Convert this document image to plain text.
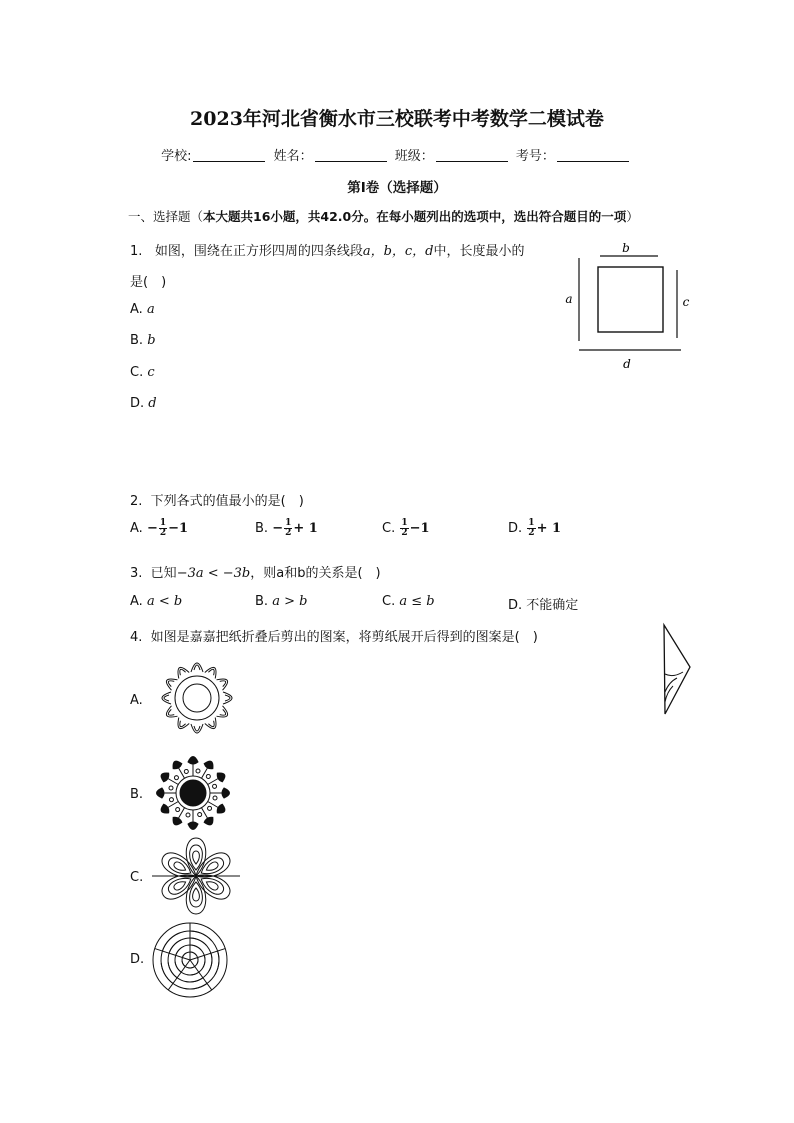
2023年河北省衡水市三校联考中考数学二模试卷
学校:	姓名：	班级：	考号：
第I卷（选择题）
一、选择题（本大题共16小题，共42.0分。在每小题列出的选项中，选出符合题目的一项）
1. 如图，围绕在正方形四周的四条线段a，b，c，d中，长度最小的
是(　)
A. a
B. b
C. c
D. d
b
a	c
d
2. 下列各式的值最小的是(　)
A. − $\frac{1}{2} -1$	B. − $\frac{1}{2} + 1$	C. $\frac{1}{2} -1$	D. $\frac{1}{2} + 1$
3. 已知−3a < −3b，则a和b的关系是(　)
A. a < b	B. a > b	C. a ≤ b	D. 不能确定
4. 如图是嘉嘉把纸折叠后剪出的图案，将剪纸展开后得到的图案是(　)
A.
B.
C.
D.
